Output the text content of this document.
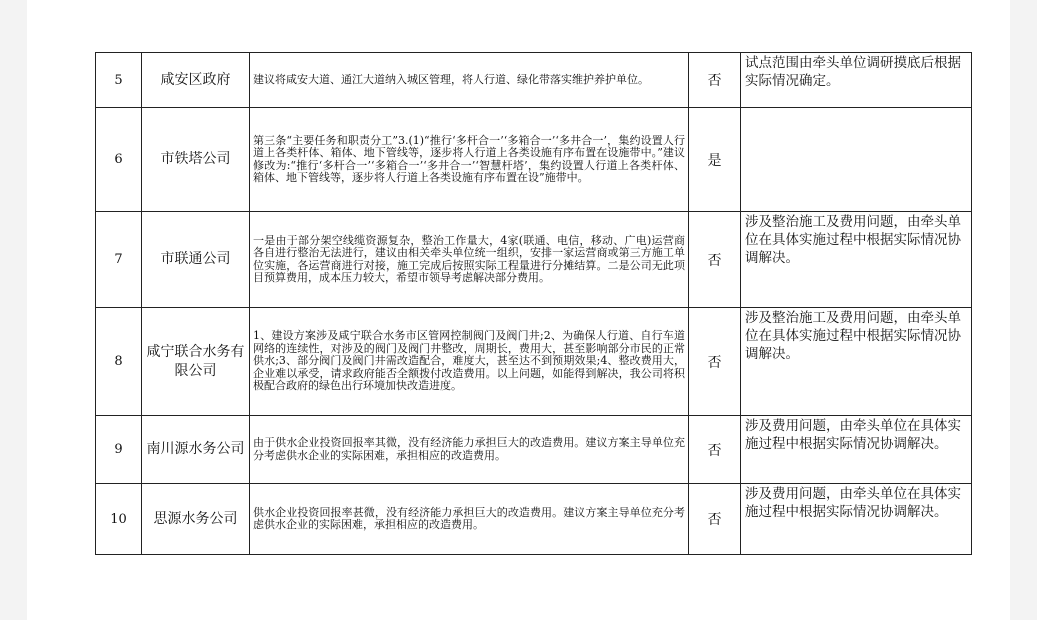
5	咸安区政府	建议将咸安大道、通江大道纳入城区管理，将人行道、绿化带落实维护养护单位。	否	试点范围由牵头单位调研摸底后根据实际情况确定。
6	市铁塔公司	第三条“主要任务和职责分工”3.(1)“推行‘多杆合一’‘多箱合一’‘多井合一’，集约设置人行道上各类杆体、箱体、地下管线等，逐步将人行道上各类设施有序布置在设施带中。”建议修改为:“推行‘多杆合一’‘多箱合一’‘多井合一’‘智慧杆塔’，集约设置人行道上各类杆体、箱体、地下管线等，逐步将人行道上各类设施有序布置在设”施带中。	是	
7	市联通公司	一是由于部分架空线缆资源复杂，整治工作量大，4家(联通、电信，移动、广电)运营商各自进行整治无法进行，建议由相关牵头单位统一组织，安排一家运营商或第三方施工单位实施，各运营商进行对接，施工完成后按照实际工程量进行分摊结算。二是公司无此项目预算费用，成本压力较大，希望市领导考虑解决部分费用。	否	涉及整治施工及费用问题，由牵头单位在具体实施过程中根据实际情况协调解决。
8	咸宁联合水务有限公司	1、建设方案涉及咸宁联合水务市区管网控制阀门及阀门井;2、为确保人行道、自行车道网络的连续性，对涉及的阀门及阀门井整改，周期长，费用大，甚至影响部分市民的正常供水;3、部分阀门及阀门井需改造配合，难度大，甚至达不到预期效果;4、整改费用大，企业难以承受，请求政府能否全额拨付改造费用。以上问题，如能得到解决，我公司将积极配合政府的绿色出行环境加快改造进度。	否	涉及整治施工及费用问题，由牵头单位在具体实施过程中根据实际情况协调解决。
9	南川源水务公司	由于供水企业投资回报率其微，没有经济能力承担巨大的改造费用。建议方案主导单位充分考虑供水企业的实际困难，承担相应的改造费用。	否	涉及费用问题，由牵头单位在具体实施过程中根据实际情况协调解决。
10	思源水务公司	供水企业投资回报率甚微，没有经济能力承担巨大的改造费用。建议方案主导单位充分考虑供水企业的实际困难，承担相应的改造费用。	否	涉及费用问题，由牵头单位在具体实施过程中根据实际情况协调解决。
